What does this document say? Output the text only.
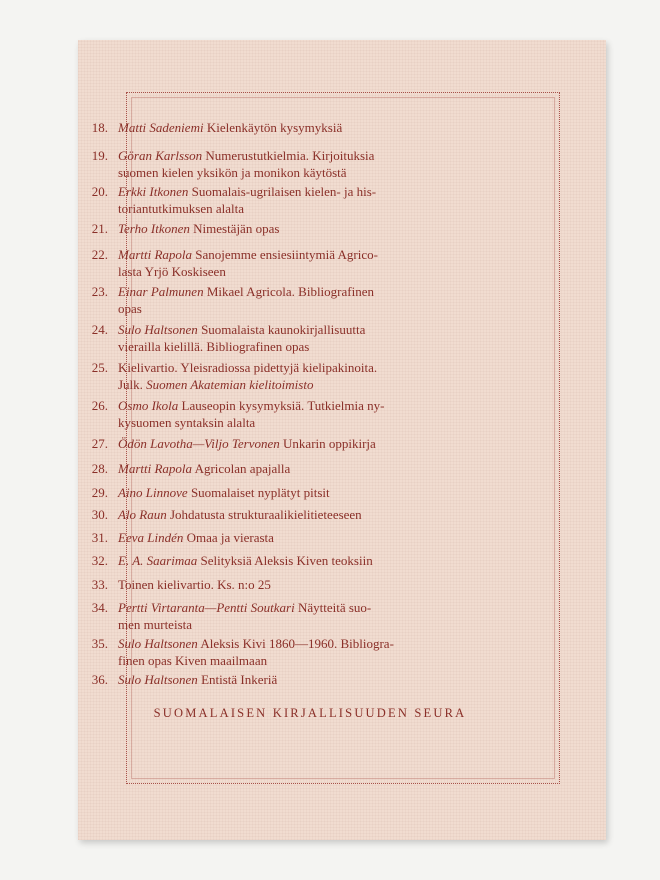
18. Matti Sadeniemi Kielenkäytön kysymyksiä
19. Göran Karlsson Numerustutkielmia. Kirjoituksia
suomen kielen yksikön ja monikon käytöstä
20. Erkki Itkonen Suomalais-ugrilaisen kielen- ja his-
toriantutkimuksen alalta
21. Terho Itkonen Nimestäjän opas
22. Martti Rapola Sanojemme ensiesiintymiä Agrico-
lasta Yrjö Koskiseen
23. Einar Palmunen Mikael Agricola. Bibliografinen
opas
24. Sulo Haltsonen Suomalaista kaunokirjallisuutta
vierailla kielillä. Bibliografinen opas
25. Kielivartio. Yleisradiossa pidettyjä kielipakinoita.
Julk. Suomen Akatemian kielitoimisto
26. Osmo Ikola Lauseopin kysymyksiä. Tutkielmia ny-
kysuomen syntaksin alalta
27. Ödön Lavotha—Viljo Tervonen Unkarin oppikirja
28. Martti Rapola Agricolan apajalla
29. Aino Linnove Suomalaiset nyplätyt pitsit
30. Alo Raun Johdatusta strukturaalikielitieteeseen
31. Eeva Lindén Omaa ja vierasta
32. E. A. Saarimaa Selityksiä Aleksis Kiven teoksiin
33. Toinen kielivartio. Ks. n:o 25
34. Pertti Virtaranta—Pentti Soutkari Näytteitä suo-
men murteista
35. Sulo Haltsonen Aleksis Kivi 1860—1960. Bibliogra-
finen opas Kiven maailmaan
36. Sulo Haltsonen Entistä Inkeriä
SUOMALAISEN KIRJALLISUUDEN SEURA
